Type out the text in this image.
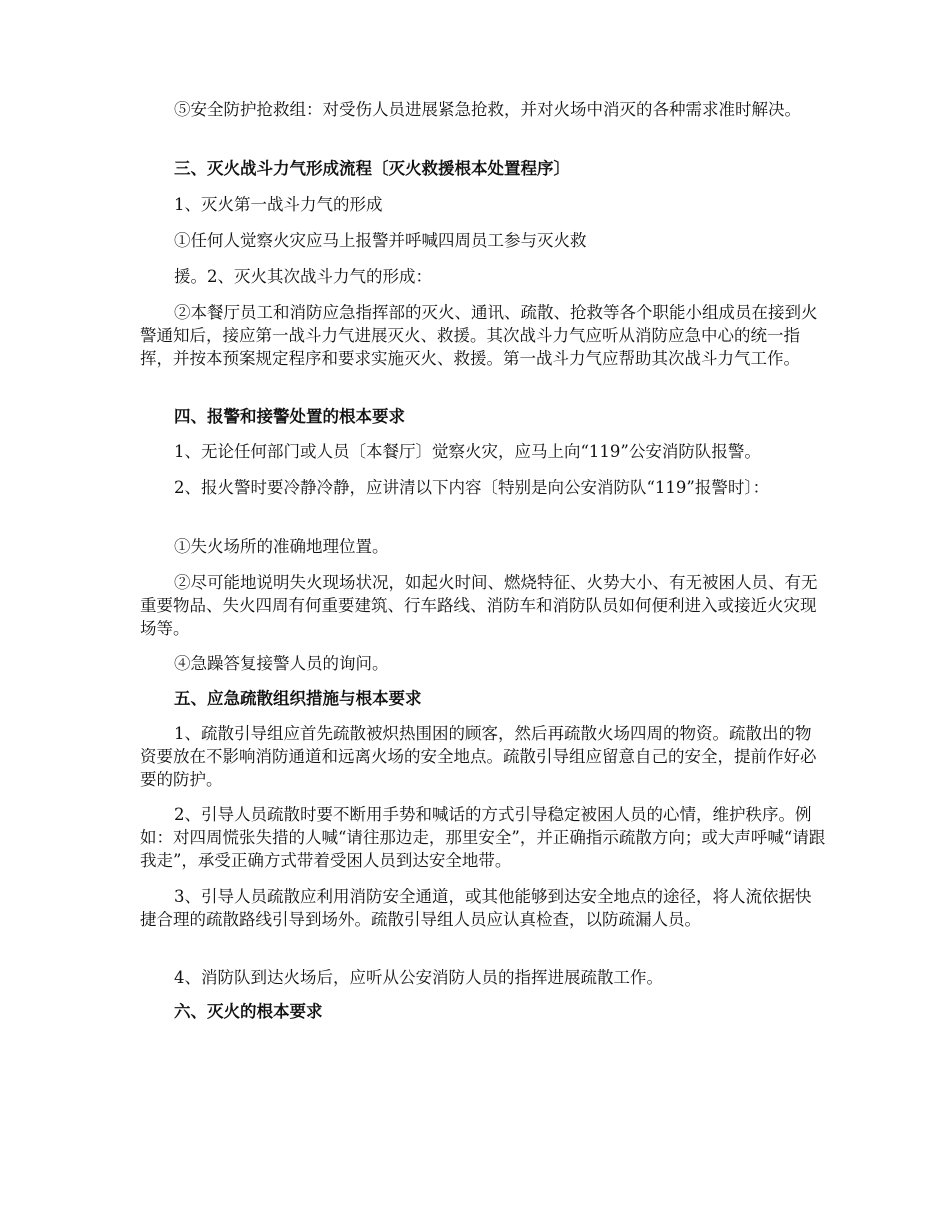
⑤安全防护抢救组：对受伤人员进展紧急抢救，并对火场中消灭的各种需求准时解决。

三、灭火战斗力气形成流程〔灭火救援根本处置程序〕

1、灭火第一战斗力气的形成

①任何人觉察火灾应马上报警并呼喊四周员工参与灭火救

援。2、灭火其次战斗力气的形成：

②本餐厅员工和消防应急指挥部的灭火、通讯、疏散、抢救等各个职能小组成员在接到火警通知后，接应第一战斗力气进展灭火、救援。其次战斗力气应听从消防应急中心的统一指挥，并按本预案规定程序和要求实施灭火、救援。第一战斗力气应帮助其次战斗力气工作。

四、报警和接警处置的根本要求

1、无论任何部门或人员〔本餐厅〕觉察火灾，应马上向“119”公安消防队报警。

2、报火警时要冷静冷静，应讲清以下内容〔特别是向公安消防队“119”报警时〕：

①失火场所的准确地理位置。

②尽可能地说明失火现场状况，如起火时间、燃烧特征、火势大小、有无被困人员、有无重要物品、失火四周有何重要建筑、行车路线、消防车和消防队员如何便利进入或接近火灾现场等。

④急躁答复接警人员的询问。

五、应急疏散组织措施与根本要求

1、疏散引导组应首先疏散被炽热围困的顾客，然后再疏散火场四周的物资。疏散出的物资要放在不影响消防通道和远离火场的安全地点。疏散引导组应留意自己的安全，提前作好必要的防护。

2、引导人员疏散时要不断用手势和喊话的方式引导稳定被困人员的心情，维护秩序。例如：对四周慌张失措的人喊“请往那边走，那里安全”，并正确指示疏散方向；或大声呼喊“请跟我走”，承受正确方式带着受困人员到达安全地带。

3、引导人员疏散应利用消防安全通道，或其他能够到达安全地点的途径，将人流依据快捷合理的疏散路线引导到场外。疏散引导组人员应认真检查，以防疏漏人员。

4、消防队到达火场后，应听从公安消防人员的指挥进展疏散工作。

六、灭火的根本要求
